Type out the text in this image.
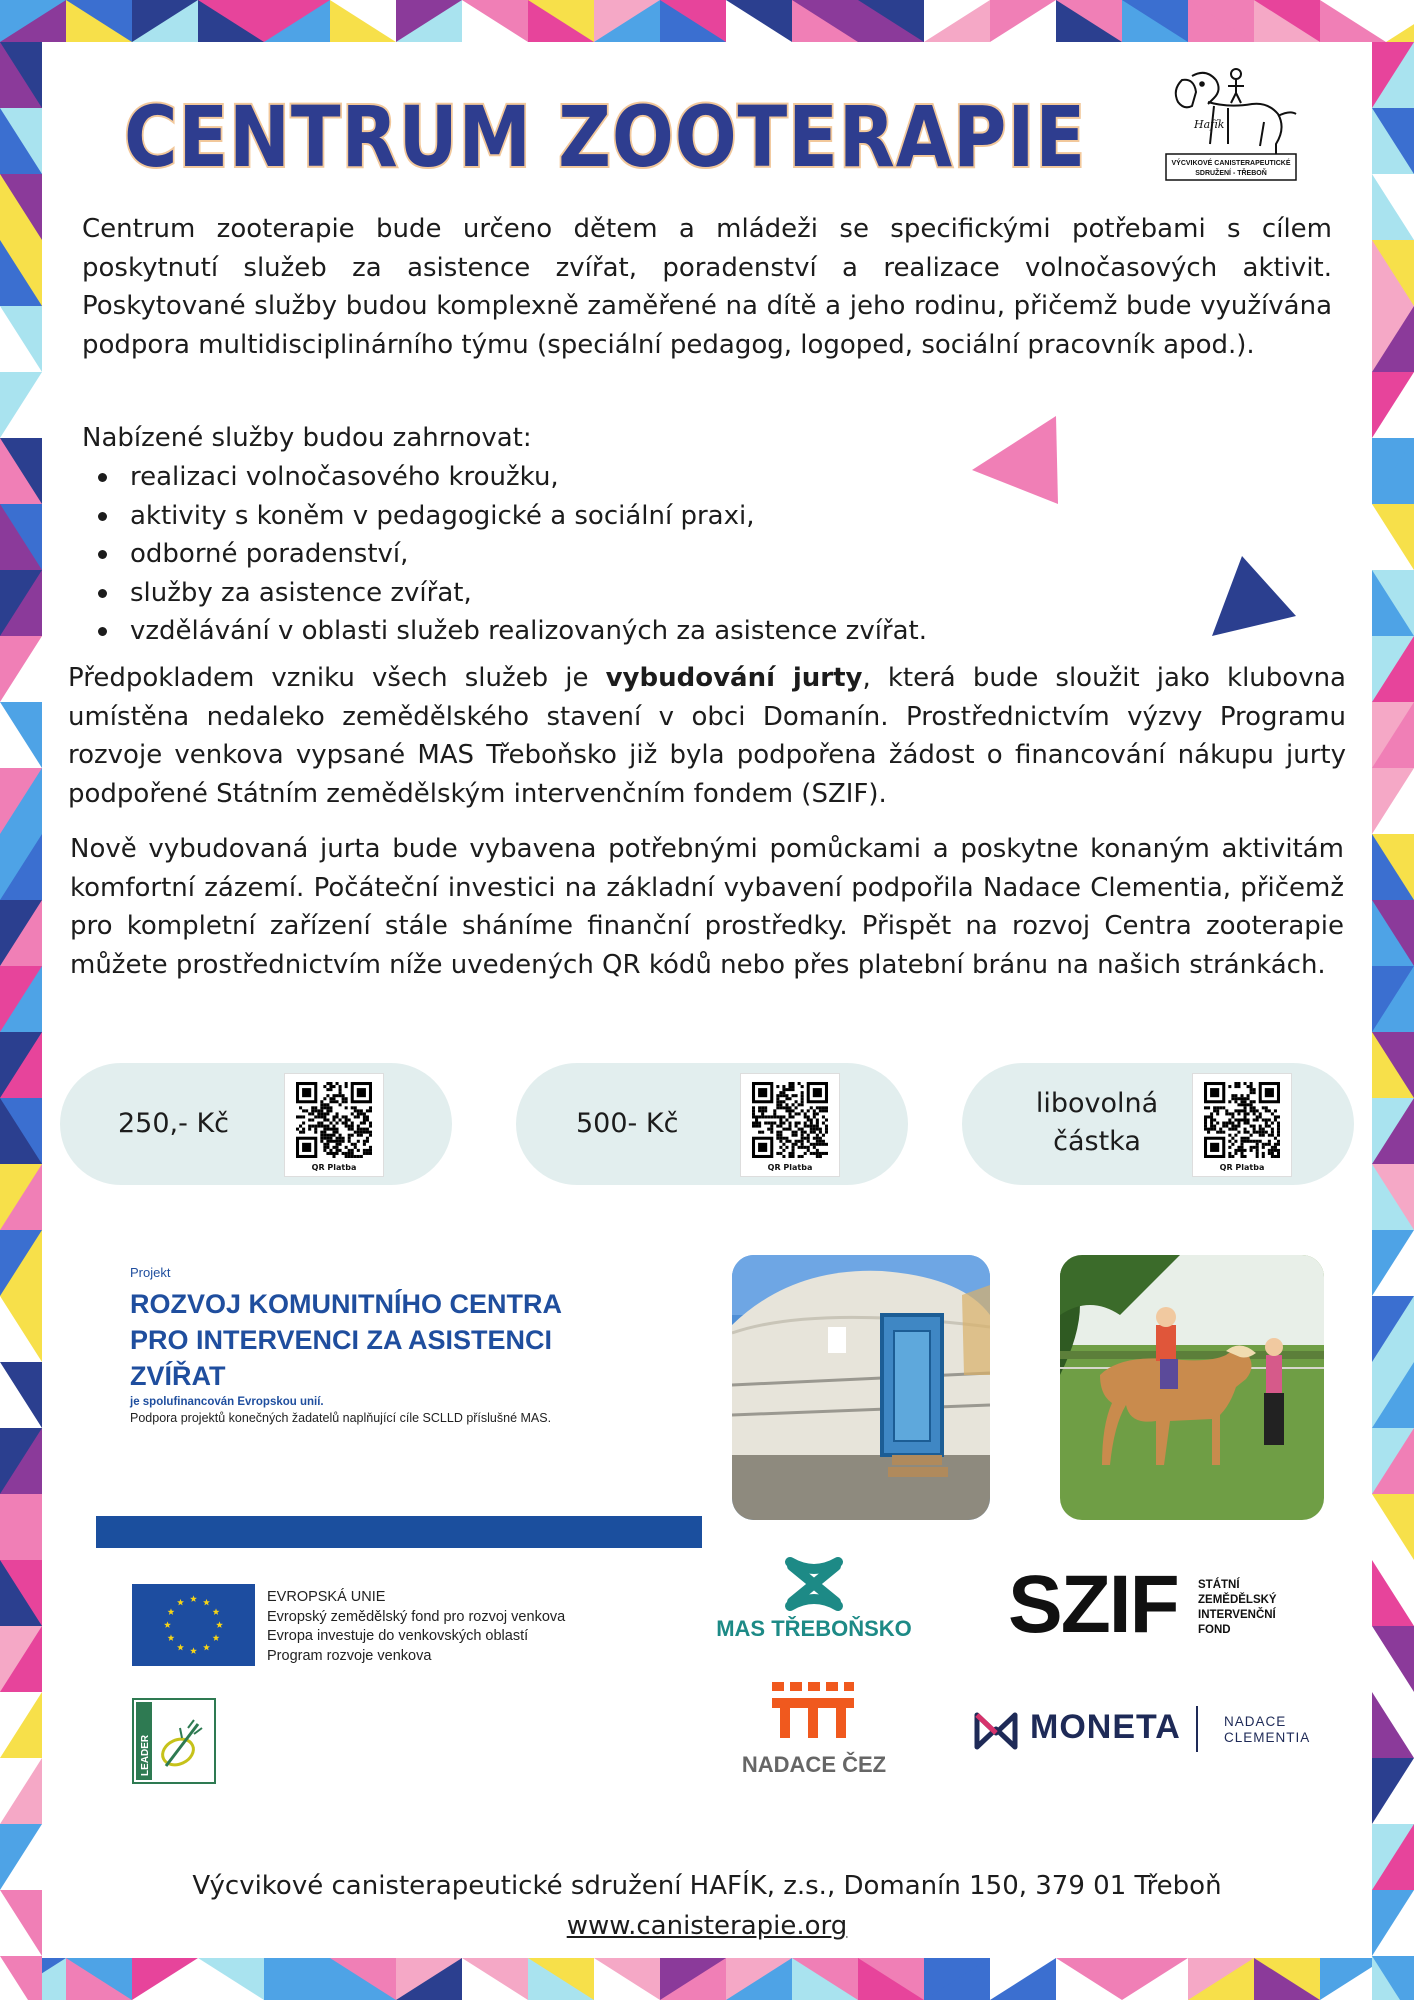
CENTRUM ZOOTERAPIE	Hafík
VÝCVIKOVÉ CANISTERAPEUTICKÉ
SDRUŽENÍ - TŘEBOŇ

Centrum zooterapie bude určeno dětem a mládeži se specifickými potřebami s cílem poskytnutí služeb za asistence zvířat, poradenství a realizace volnočasových aktivit. Poskytované služby budou komplexně zaměřené na dítě a jeho rodinu, přičemž bude využívána podpora multidisciplinárního týmu (speciální pedagog, logoped, sociální pracovník apod.).

Nabízené služby budou zahrnovat:

realizaci volnočasového kroužku,
aktivity s koněm v pedagogické a sociální praxi,
odborné poradenství,
služby za asistence zvířat,
vzdělávání v oblasti služeb realizovaných za asistence zvířat.

Předpokladem vzniku všech služeb je vybudování jurty, která bude sloužit jako klubovna umístěna nedaleko zemědělského stavení v obci Domanín. Prostřednictvím výzvy Programu rozvoje venkova vypsané MAS Třeboňsko již byla podpořena žádost o financování nákupu jurty podpořené Státním zemědělským intervenčním fondem (SZIF).

Nově vybudovaná jurta bude vybavena potřebnými pomůckami a poskytne konaným aktivitám komfortní zázemí. Počáteční investici na základní vybavení podpořila Nadace Clementia, přičemž pro kompletní zařízení stále sháníme finanční prostředky. Přispět na rozvoj Centra zooterapie můžete prostřednictvím níže uvedených QR kódů nebo přes platební bránu na našich stránkách.

250,- Kč
QR Platba
500- Kč
QR Platba
libovolná
částka
QR Platba
Projekt
ROZVOJ KOMUNITNÍHO CENTRA
PRO INTERVENCI ZA ASISTENCI
ZVÍŘAT
je spolufinancován Evropskou unií.
Podpora projektů konečných žadatelů naplňující cíle SCLLD příslušné MAS.
EVROPSKÁ UNIE
Evropský zemědělský fond pro rozvoj venkova
Evropa investuje do venkovských oblastí
Program rozvoje venkova
LEADER
MAS TŘEBOŇSKO SZIF STÁTNÍ
ZEMĚDĚLSKÝ
INTERVENČNÍ
FOND
NADACE ČEZ
MONETA	NADACE
CLEMENTIA
Výcvikové canisterapeutické sdružení HAFÍK, z.s., Domanín 150, 379 01 Třeboň
www.canisterapie.org
